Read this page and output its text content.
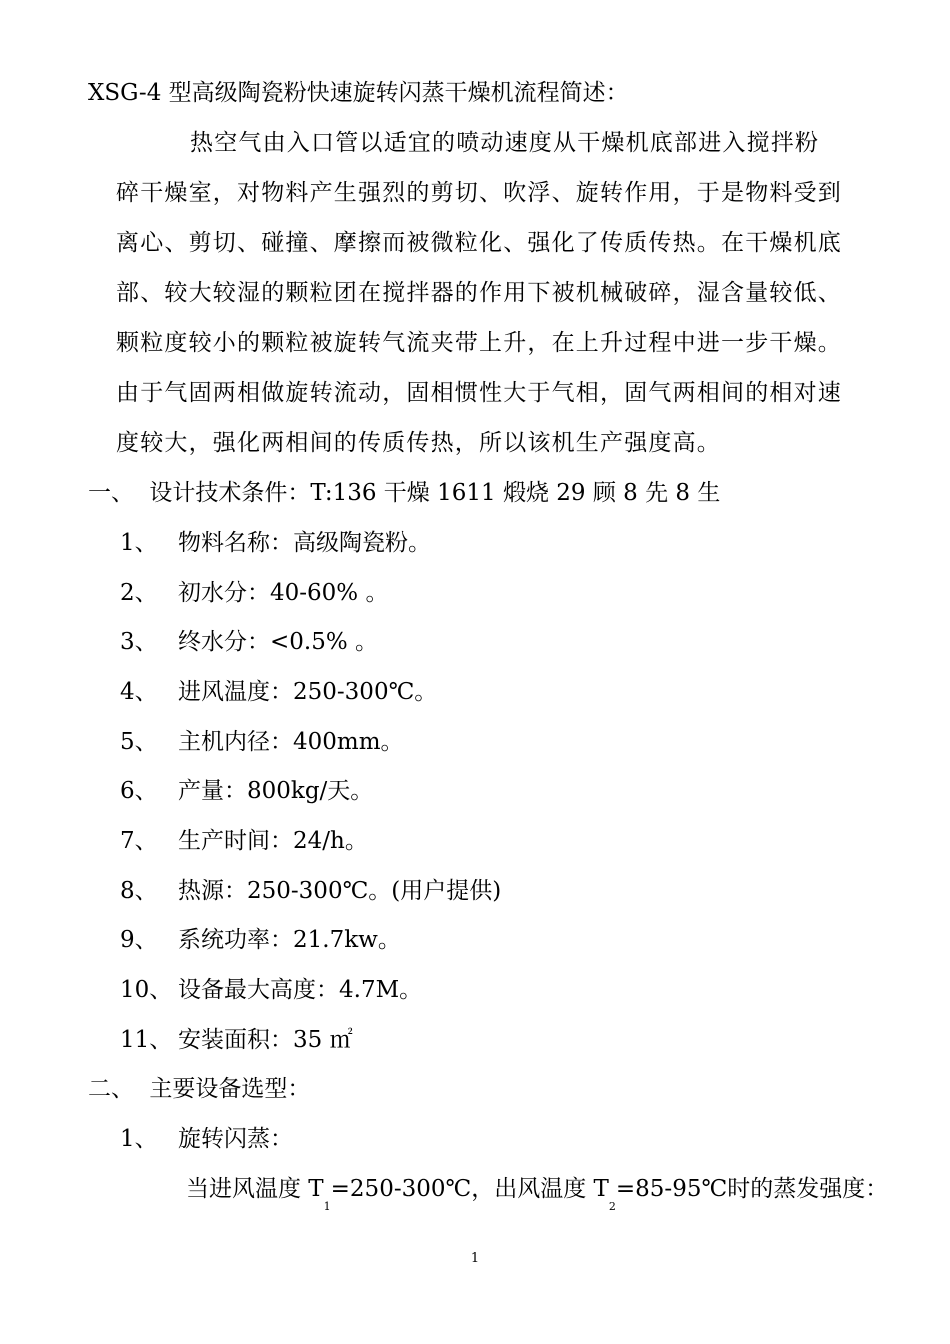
XSG-4 型高级陶瓷粉快速旋转闪蒸干燥机流程简述：
热空气由入口管以适宜的喷动速度从干燥机底部进入搅拌粉
碎干燥室，对物料产生强烈的剪切、吹浮、旋转作用，于是物料受到
离心、剪切、碰撞、摩擦而被微粒化、强化了传质传热。在干燥机底
部、较大较湿的颗粒团在搅拌器的作用下被机械破碎，湿含量较低、
颗粒度较小的颗粒被旋转气流夹带上升，在上升过程中进一步干燥。
由于气固两相做旋转流动，固相惯性大于气相，固气两相间的相对速
度较大，强化两相间的传质传热，所以该机生产强度高。
一、 设计技术条件：T:136 干燥 1611 煅烧 29 顾 8 先 8 生
1、 物料名称：高级陶瓷粉。
2、 初水分：40-60% 。
3、 终水分：<0.5% 。
4、 进风温度：250-300℃。
5、 主机内径：400mm。
6、 产量：800kg/天。
7、 生产时间：24/h。
8、 热源：250-300℃。(用户提供)
9、 系统功率：21.7kw。
10、 设备最大高度：4.7M。
11、 安装面积：35 ㎡
二、 主要设备选型：
1、 旋转闪蒸：
当进风温度 $T_1=250-300℃$，出风温度 $T_2=85-95℃$时的蒸发强度：
1
